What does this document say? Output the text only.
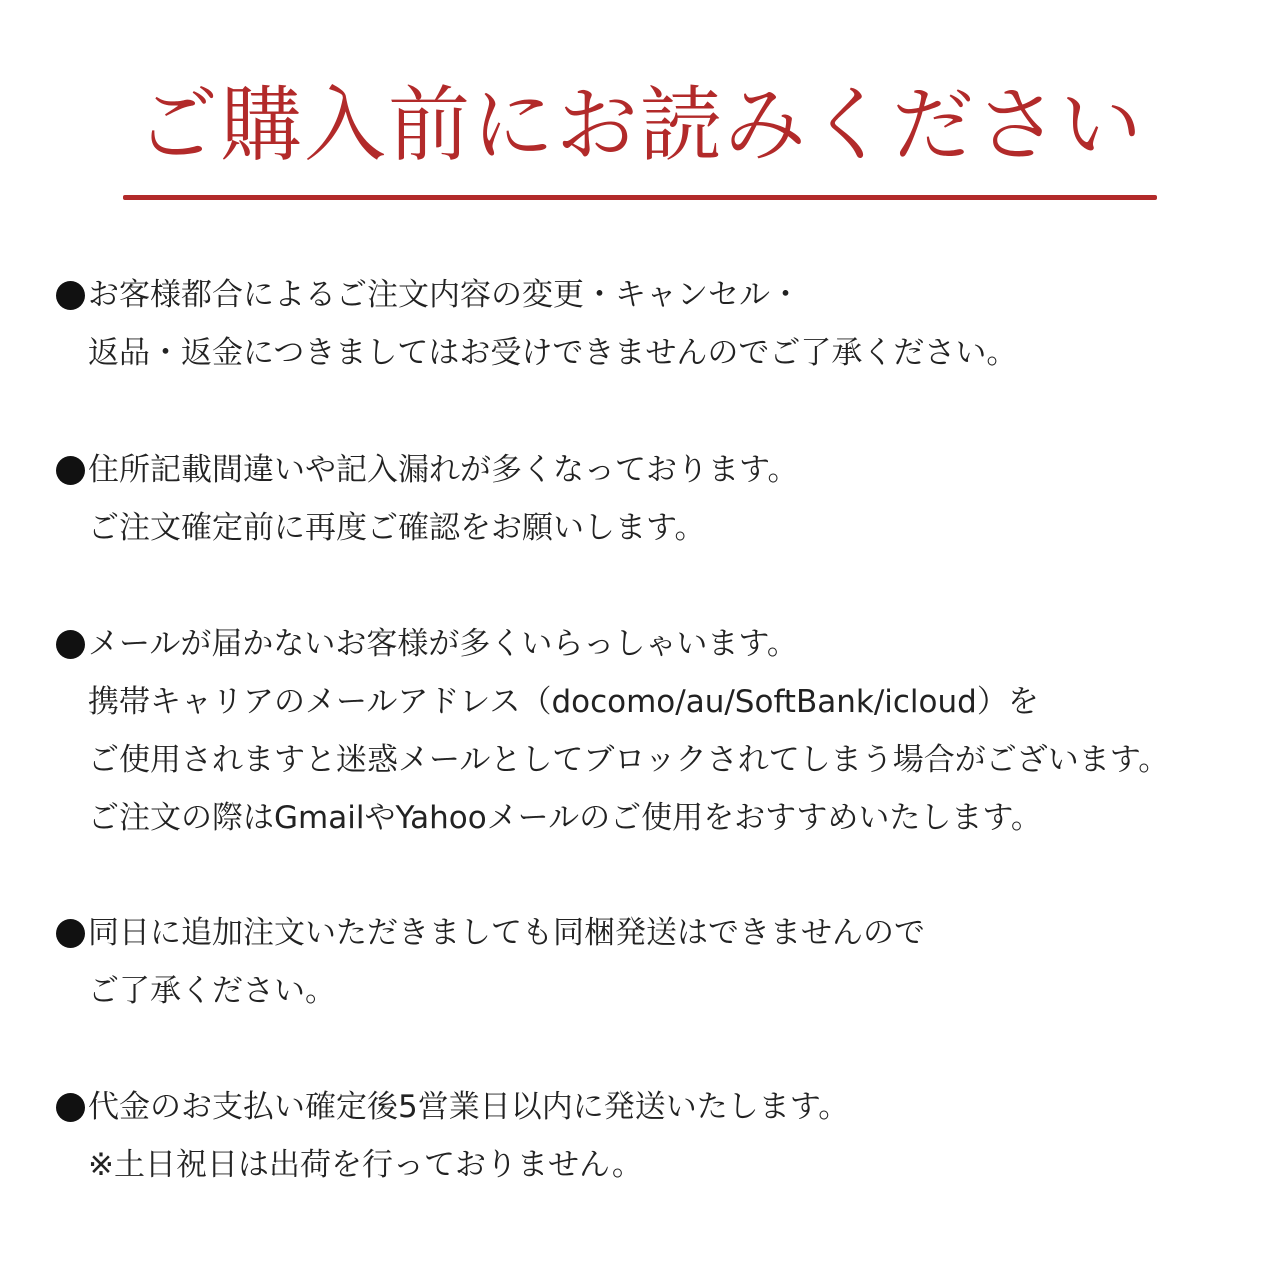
ご購入前にお読みください
お客様都合によるご注文内容の変更・キャンセル・
返品・返金につきましてはお受けできませんのでご了承ください。
住所記載間違いや記入漏れが多くなっております。
ご注文確定前に再度ご確認をお願いします。
メールが届かないお客様が多くいらっしゃいます。
携帯キャリアのメールアドレス（docomo/au/SoftBank/icloud）を
ご使用されますと迷惑メールとしてブロックされてしまう場合がございます。
ご注文の際はGmailやYahooメールのご使用をおすすめいたします。
同日に追加注文いただきましても同梱発送はできませんので
ご了承ください。
代金のお支払い確定後5営業日以内に発送いたします。
※土日祝日は出荷を行っておりません。
